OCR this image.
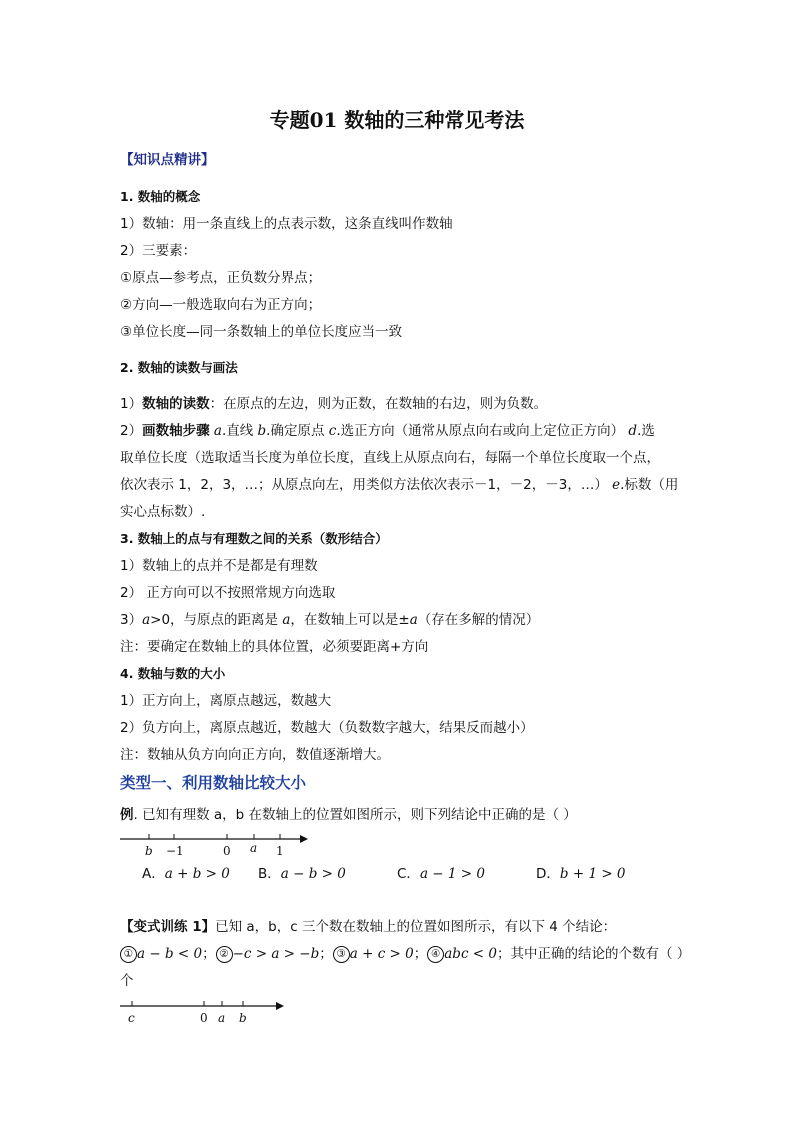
专题01 数轴的三种常见考法
【知识点精讲】
1. 数轴的概念
1）数轴：用一条直线上的点表示数，这条直线叫作数轴
2）三要素：
①原点—参考点，正负数分界点；
②方向—一般选取向右为正方向；
③单位长度—同一条数轴上的单位长度应当一致
2. 数轴的读数与画法
1）数轴的读数：在原点的左边，则为正数，在数轴的右边，则为负数。
2）画数轴步骤 a.直线 b.确定原点 c.选正方向（通常从原点向右或向上定位正方向） d.选
取单位长度（选取适当长度为单位长度，直线上从原点向右，每隔一个单位长度取一个点，
依次表示 1，2，3，…；从原点向左，用类似方法依次表示－1，－2，－3，…） e.标数（用
实心点标数）.
3. 数轴上的点与有理数之间的关系（数形结合）
1）数轴上的点并不是都是有理数
2） 正方向可以不按照常规方向选取
3）a>0，与原点的距离是 a，在数轴上可以是±a（存在多解的情况）
注：要确定在数轴上的具体位置，必须要距离+方向
4. 数轴与数的大小
1）正方向上，离原点越远，数越大
2）负方向上，离原点越近，数越大（负数数字越大，结果反而越小）
注：数轴从负方向向正方向，数值逐渐增大。
类型一、利用数轴比较大小
例. 已知有理数 a，b 在数轴上的位置如图所示，则下列结论中正确的是（ ）
b −1	0 a 1
A．a + b > 0 B．a − b > 0	C．a − 1 > 0	D．b + 1 > 0
【变式训练 1】已知 a，b，c 三个数在数轴上的位置如图所示，有以下 4 个结论：
① a − b < 0； ② −c > a > −b； ③ a + c > 0； ④ abc < 0；其中正确的结论的个数有（ ）
个
c	0 a b
